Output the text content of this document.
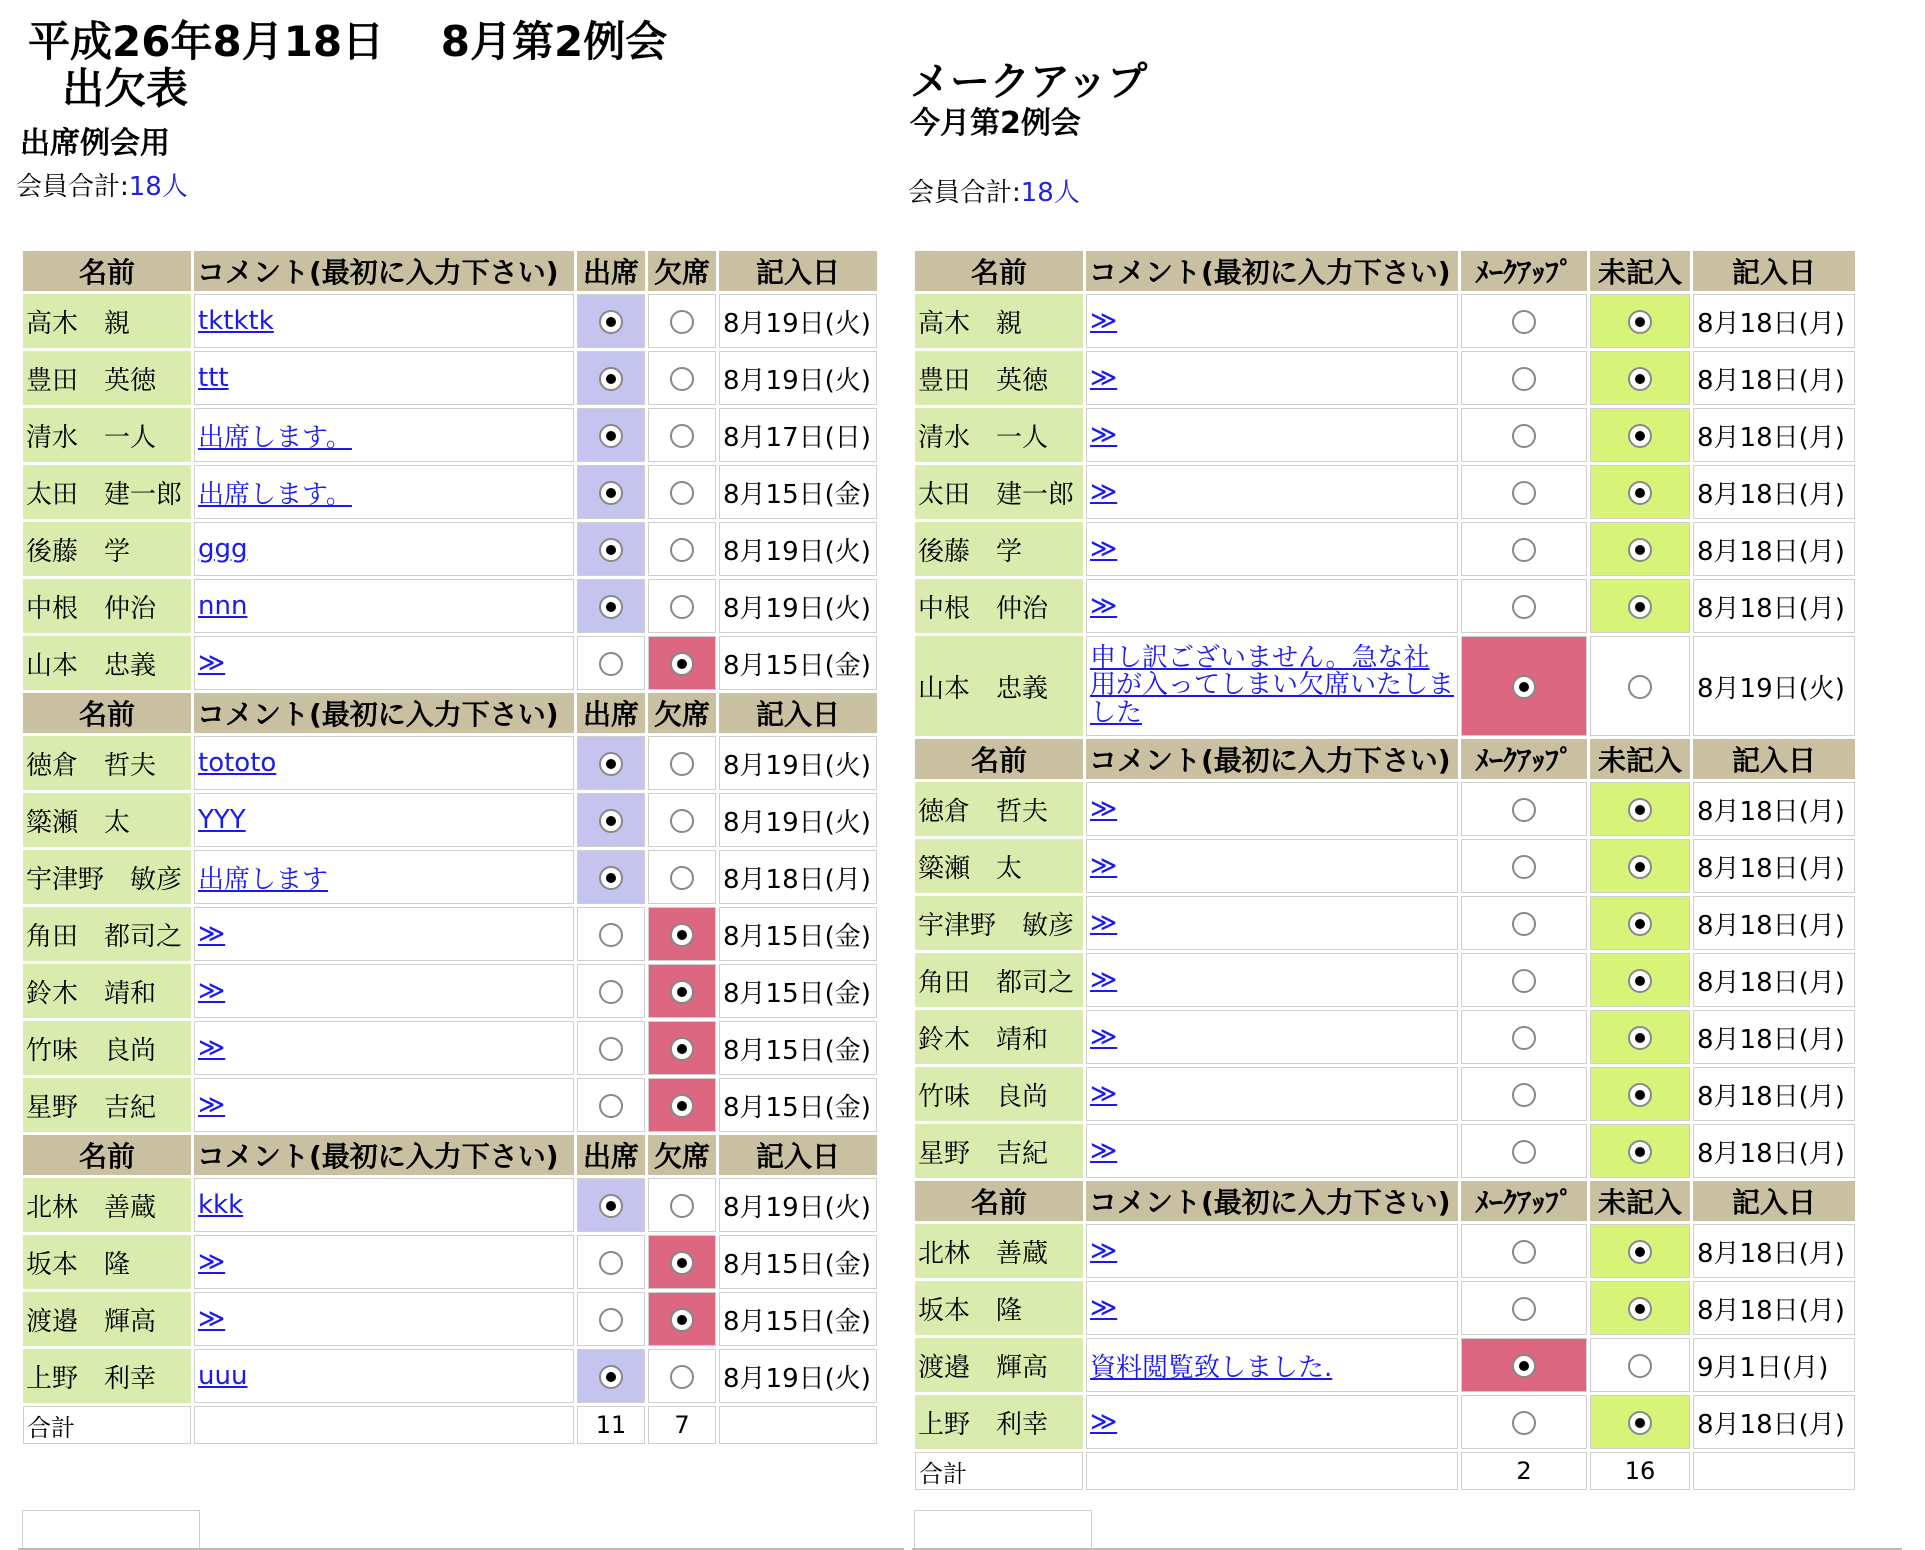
平成26年8月18日　 8月第2例会
出欠表
出席例会用
会員合計:18人
メークアップ
今月第2例会
会員合計:18人
名前	コメント(最初に入力下さい)	出席	欠席	記入日
高木　親	tktktk			8月19日(火)
豊田　英徳	ttt			8月19日(火)
清水　一人	出席します。			8月17日(日)
太田　建一郎	出席します。			8月15日(金)
後藤　学	ggg			8月19日(火)
中根　仲治	nnn			8月19日(火)
山本　忠義	≫			8月15日(金)
名前	コメント(最初に入力下さい)	出席	欠席	記入日
徳倉　哲夫	tototo			8月19日(火)
簗瀬　太	YYY			8月19日(火)
宇津野　敏彦	出席します			8月18日(月)
角田　都司之	≫			8月15日(金)
鈴木　靖和	≫			8月15日(金)
竹味　良尚	≫			8月15日(金)
星野　吉紀	≫			8月15日(金)
名前	コメント(最初に入力下さい)	出席	欠席	記入日
北林　善蔵	kkk			8月19日(火)
坂本　隆	≫			8月15日(金)
渡邉　輝高	≫			8月15日(金)
上野　利幸	uuu			8月19日(火)
合計		11	7	
名前	コメント(最初に入力下さい)	ﾒｰｸｱｯﾌﾟ	未記入	記入日
高木　親	≫			8月18日(月)
豊田　英徳	≫			8月18日(月)
清水　一人	≫			8月18日(月)
太田　建一郎	≫			8月18日(月)
後藤　学	≫			8月18日(月)
中根　仲治	≫			8月18日(月)
山本　忠義	申し訳ございません。急な社用が入ってしまい欠席いたしました			8月19日(火)
名前	コメント(最初に入力下さい)	ﾒｰｸｱｯﾌﾟ	未記入	記入日
徳倉　哲夫	≫			8月18日(月)
簗瀬　太	≫			8月18日(月)
宇津野　敏彦	≫			8月18日(月)
角田　都司之	≫			8月18日(月)
鈴木　靖和	≫			8月18日(月)
竹味　良尚	≫			8月18日(月)
星野　吉紀	≫			8月18日(月)
名前	コメント(最初に入力下さい)	ﾒｰｸｱｯﾌﾟ	未記入	記入日
北林　善蔵	≫			8月18日(月)
坂本　隆	≫			8月18日(月)
渡邉　輝高	資料閲覧致しました.			9月1日(月)
上野　利幸	≫			8月18日(月)
合計		2	16	
